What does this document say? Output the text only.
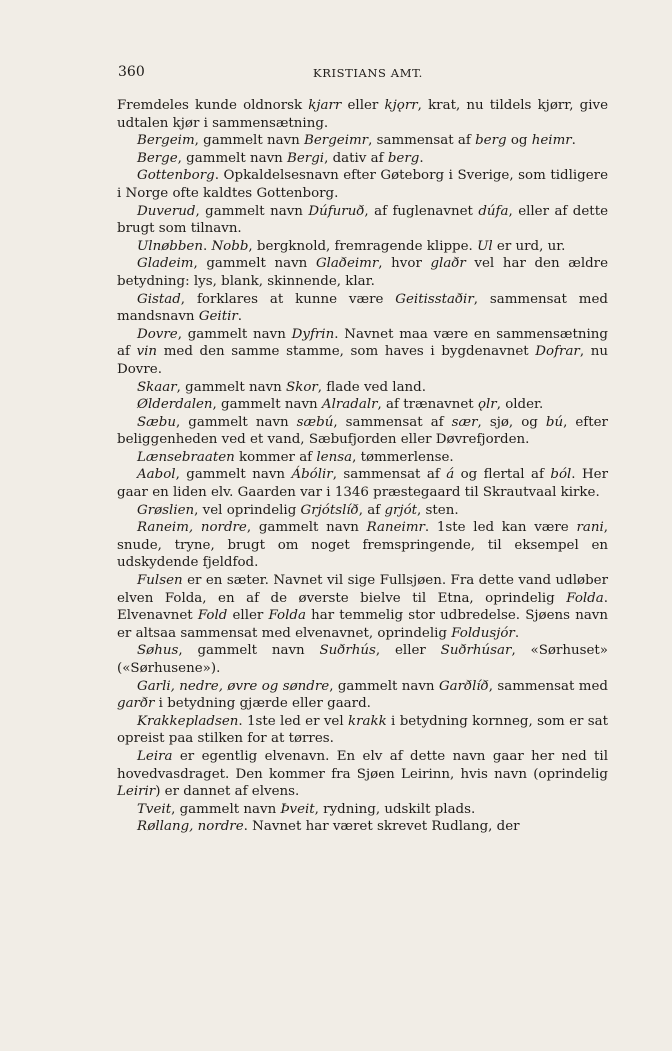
360	KRISTIANS AMT.

Fremdeles kunde oldnorsk kjarr eller kjǫrr, krat, nu tildels kjørr, give udtalen kjør i sammensætning.

Bergeim, gammelt navn Bergeimr, sammensat af berg og heimr.

Berge, gammelt navn Bergi, dativ af berg.

Gottenborg. Opkaldelsesnavn efter Gøteborg i Sverige, som tidligere i Norge ofte kaldtes Gottenborg.

Duverud, gammelt navn Dúfuruð, af fuglenavnet dúfa, eller af dette brugt som tilnavn.

Ulnøbben. Nobb, bergknold, fremragende klippe. Ul er urd, ur.

Gladeim, gammelt navn Glaðeimr, hvor glaðr vel har den ældre betydning: lys, blank, skinnende, klar.

Gistad, forklares at kunne være Geitisstaðir, sammensat med mandsnavn Geitir.

Dovre, gammelt navn Dyfrin. Navnet maa være en sammensætning af vin med den samme stamme, som haves i bygdenavnet Dofrar, nu Dovre.

Skaar, gammelt navn Skor, flade ved land.

Ølderdalen, gammelt navn Alradalr, af trænavnet ǫlr, older.

Sæbu, gammelt navn sæbú, sammensat af sær, sjø, og bú, efter beliggenheden ved et vand, Sæbufjorden eller Døvrefjorden.

Lænsebraaten kommer af lensa, tømmerlense.

Aabol, gammelt navn Ábólir, sammensat af á og flertal af ból. Her gaar en liden elv. Gaarden var i 1346 præstegaard til Skrautvaal kirke.

Grøslien, vel oprindelig Grjótslíð, af grjót, sten.

Raneim, nordre, gammelt navn Raneimr. 1ste led kan være rani, snude, tryne, brugt om noget fremspringende, til eksempel en udskydende fjeldfod.

Fulsen er en sæter. Navnet vil sige Fullsjøen. Fra dette vand udløber elven Folda, en af de øverste bielve til Etna, oprindelig Folda. Elvenavnet Fold eller Folda har temmelig stor udbredelse. Sjøens navn er altsaa sammensat med elvenavnet, oprindelig Foldusjór.

Søhus, gammelt navn Suðrhús, eller Suðrhúsar, «Sørhuset» («Sørhusene»).

Garli, nedre, øvre og søndre, gammelt navn Garðlíð, sammensat med garðr i betydning gjærde eller gaard.

Krakkepladsen. 1ste led er vel krakk i betydning kornneg, som er sat opreist paa stilken for at tørres.

Leira er egentlig elvenavn. En elv af dette navn gaar her ned til hovedvasdraget. Den kommer fra Sjøen Leirinn, hvis navn (oprindelig Leirir) er dannet af elvens.

Tveit, gammelt navn Þveit, rydning, udskilt plads.

Røllang, nordre. Navnet har været skrevet Rudlang, der
